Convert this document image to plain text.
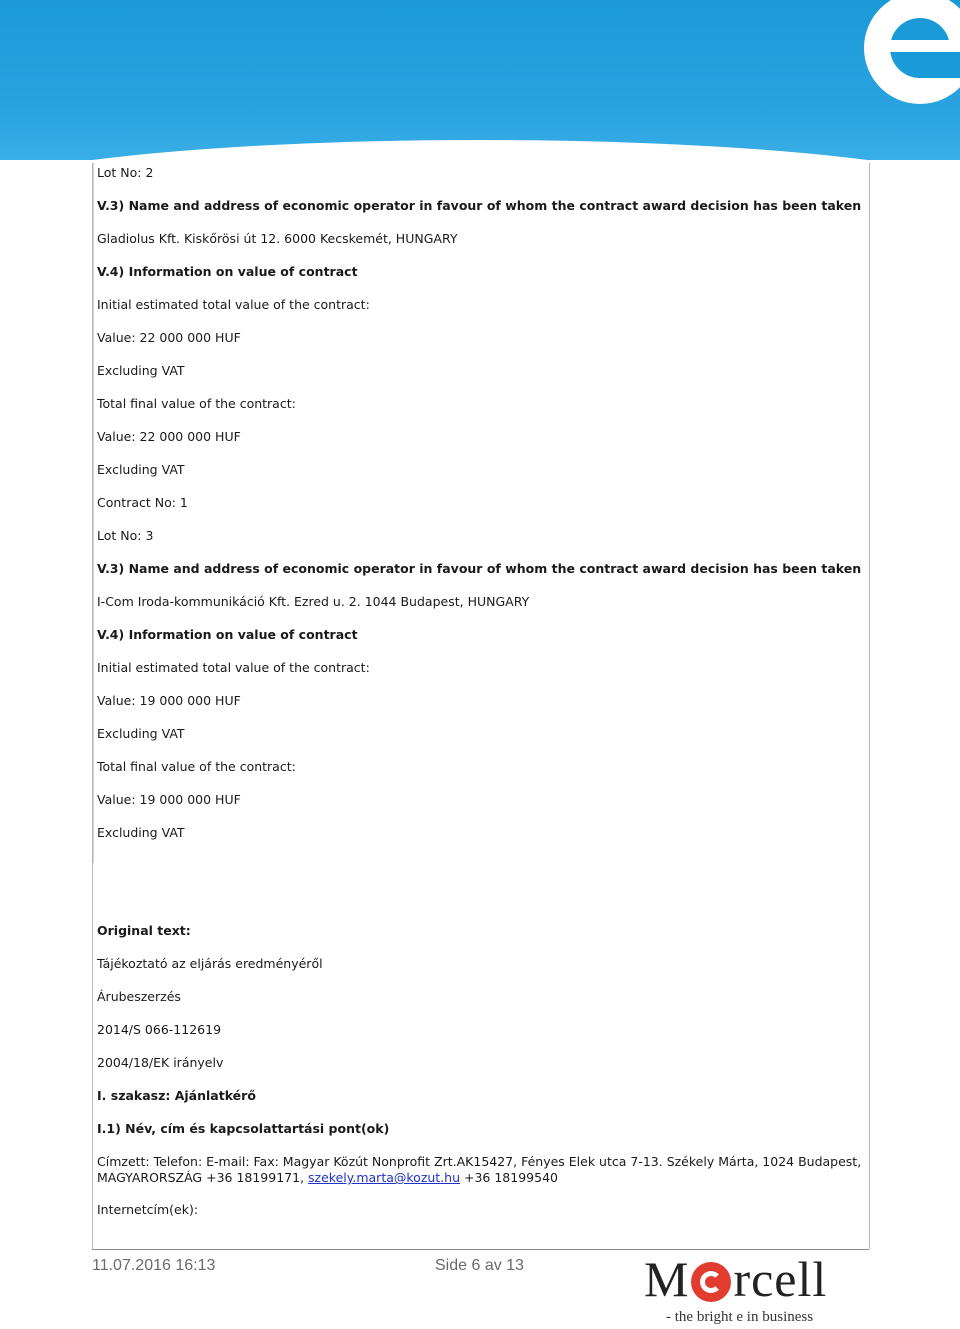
Lot No: 2
V.3) Name and address of economic operator in favour of whom the contract award decision has been taken
Gladiolus Kft. Kiskőrösi út 12. 6000 Kecskemét, HUNGARY
V.4) Information on value of contract
Initial estimated total value of the contract:
Value: 22 000 000 HUF
Excluding VAT
Total final value of the contract:
Value: 22 000 000 HUF
Excluding VAT
Contract No: 1
Lot No: 3
V.3) Name and address of economic operator in favour of whom the contract award decision has been taken
I-Com Iroda-kommunikáció Kft. Ezred u. 2. 1044 Budapest, HUNGARY
V.4) Information on value of contract
Initial estimated total value of the contract:
Value: 19 000 000 HUF
Excluding VAT
Total final value of the contract:
Value: 19 000 000 HUF
Excluding VAT
Original text:
Tájékoztató az eljárás eredményéről
Árubeszerzés
2014/S 066-112619
2004/18/EK irányelv
I. szakasz: Ajánlatkérő
I.1) Név, cím és kapcsolattartási pont(ok)
Címzett: Telefon: E-mail: Fax: Magyar Közút Nonprofit Zrt.AK15427, Fényes Elek utca 7-13. Székely Márta, 1024 Budapest,
MAGYARORSZÁG +36 18199171, szekely.marta@kozut.hu +36 18199540
Internetcím(ek):
11.07.2016 16:13	Side 6 av 13 M rcell
- the bright e in business
